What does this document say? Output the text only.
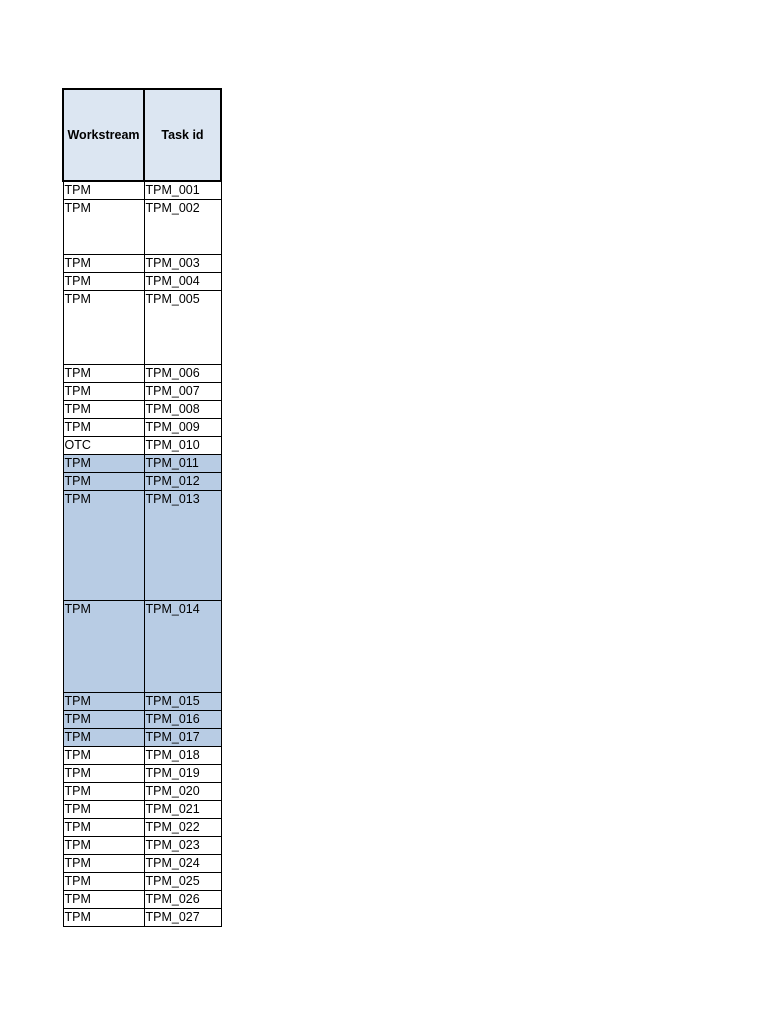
Workstream	Task id
TPM	TPM_001
TPM	TPM_002
TPM	TPM_003
TPM	TPM_004
TPM	TPM_005
TPM	TPM_006
TPM	TPM_007
TPM	TPM_008
TPM	TPM_009
OTC	TPM_010
TPM	TPM_011
TPM	TPM_012
TPM	TPM_013
TPM	TPM_014
TPM	TPM_015
TPM	TPM_016
TPM	TPM_017
TPM	TPM_018
TPM	TPM_019
TPM	TPM_020
TPM	TPM_021
TPM	TPM_022
TPM	TPM_023
TPM	TPM_024
TPM	TPM_025
TPM	TPM_026
TPM	TPM_027
